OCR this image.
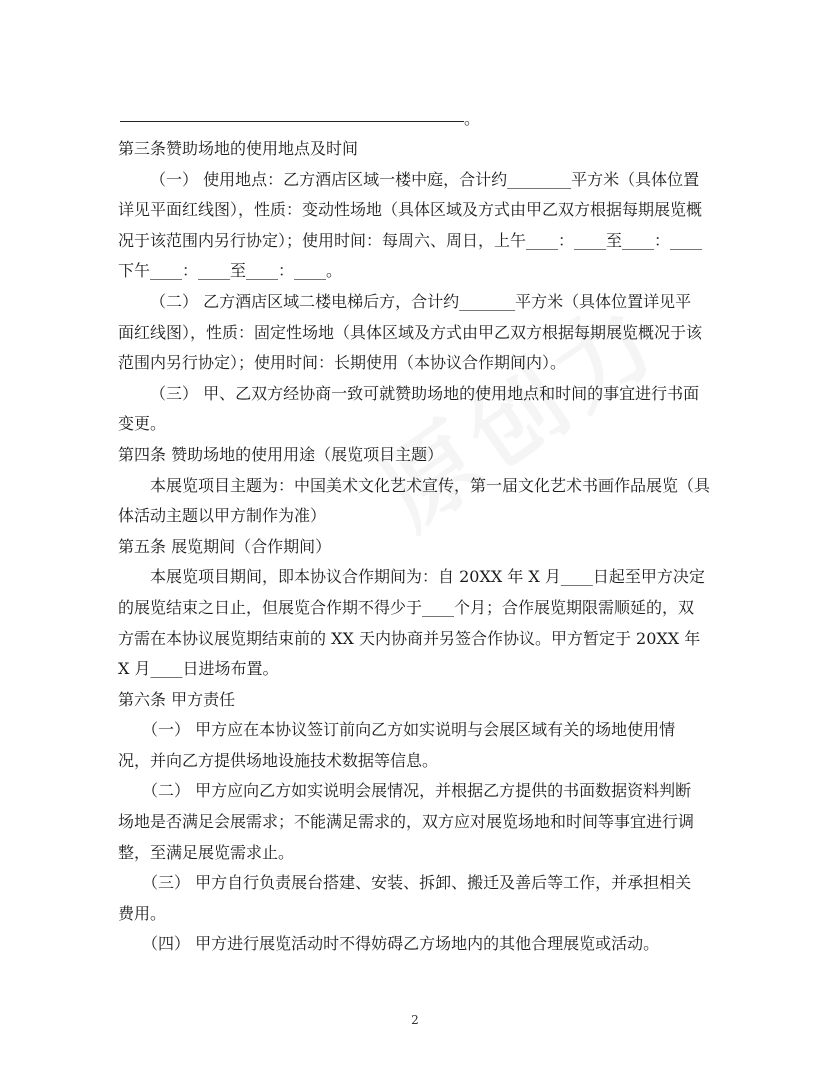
。
第三条赞助场地的使用地点及时间
（一） 使用地点：乙方酒店区域一楼中庭，合计约________平方米（具体位置
详见平面红线图），性质：变动性场地（具体区域及方式由甲乙双方根据每期展览概
况于该范围内另行协定）；使用时间：每周六、周日，上午____：____至____：____
下午____：____至____：____。
（二） 乙方酒店区域二楼电梯后方，合计约_______平方米（具体位置详见平
面红线图），性质：固定性场地（具体区域及方式由甲乙双方根据每期展览概况于该
范围内另行协定）；使用时间：长期使用（本协议合作期间内）。
（三） 甲、乙双方经协商一致可就赞助场地的使用地点和时间的事宜进行书面
变更。
第四条 赞助场地的使用用途（展览项目主题）
本展览项目主题为：中国美术文化艺术宣传，第一届文化艺术书画作品展览（具
体活动主题以甲方制作为准）
第五条 展览期间（合作期间）
本展览项目期间，即本协议合作期间为：自 20XX 年 X 月____日起至甲方决定
的展览结束之日止，但展览合作期不得少于____个月；合作展览期限需顺延的，双
方需在本协议展览期结束前的 XX 天内协商并另签合作协议。甲方暂定于 20XX 年
X 月____日进场布置。
第六条 甲方责任
（一） 甲方应在本协议签订前向乙方如实说明与会展区域有关的场地使用情
况，并向乙方提供场地设施技术数据等信息。
（二） 甲方应向乙方如实说明会展情况，并根据乙方提供的书面数据资料判断
场地是否满足会展需求；不能满足需求的，双方应对展览场地和时间等事宜进行调
整，至满足展览需求止。
（三） 甲方自行负责展台搭建、安装、拆卸、搬迁及善后等工作，并承担相关
费用。
（四） 甲方进行展览活动时不得妨碍乙方场地内的其他合理展览或活动。
2
